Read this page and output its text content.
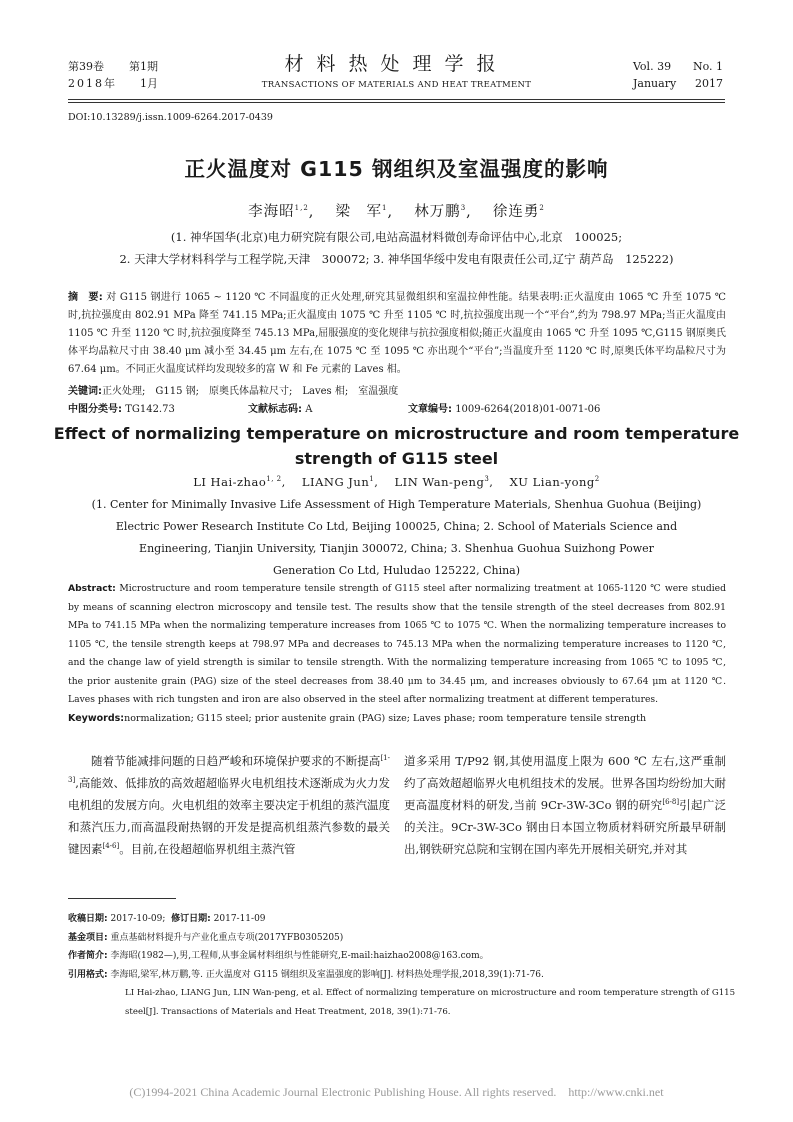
第39卷 第1期
2018年 1月
材料热处理学报
TRANSACTIONS OF MATERIALS AND HEAT TREATMENT
Vol. 39 No. 1
January 2017
DOI:10.13289/j.issn.1009-6264.2017-0439
正火温度对 G115 钢组织及室温强度的影响
李海昭$^{1,2}$,　 梁　军$^1$,　 林万鹏$^3$,　 徐连勇$^2$
(1. 神华国华(北京)电力研究院有限公司,电站高温材料微创寿命评估中心,北京　100025;
2. 天津大学材料科学与工程学院,天津　300072; 3. 神华国华绥中发电有限责任公司,辽宁 葫芦岛　125222)
摘　要: 对 G115 钢进行 1065 ~ 1120 ℃ 不同温度的正火处理,研究其显微组织和室温拉伸性能。结果表明:正火温度由 1065 ℃ 升至 1075 ℃ 时,抗拉强度由 802.91 MPa 降至 741.15 MPa;正火温度由 1075 ℃ 升至 1105 ℃ 时,抗拉强度出现一个“平台”,约为 798.97 MPa;当正火温度由 1105 ℃ 升至 1120 ℃ 时,抗拉强度降至 745.13 MPa,屈服强度的变化规律与抗拉强度相似;随正火温度由 1065 ℃ 升至 1095 ℃,G115 钢原奥氏体平均晶粒尺寸由 38.40 μm 减小至 34.45 μm 左右,在 1075 ℃ 至 1095 ℃ 亦出现个“平台”;当温度升至 1120 ℃ 时,原奥氏体平均晶粒尺寸为 67.64 μm。不同正火温度试样均发现较多的富 W 和 Fe 元素的 Laves 相。
关键词:正火处理;　G115 钢;　原奥氏体晶粒尺寸;　Laves 相;　室温强度
中图分类号: TG142.73	文献标志码: A	文章编号: 1009-6264(2018)01-0071-06
Effect of normalizing temperature on microstructure and room temperature
strength of G115 steel
LI Hai-zhao$^{1, 2}$,　 LIANG Jun$^1$,　 LIN Wan-peng$^3$,　 XU Lian-yong$^2$
(1. Center for Minimally Invasive Life Assessment of High Temperature Materials, Shenhua Guohua (Beijing)
Electric Power Research Institute Co Ltd, Beijing 100025, China; 2. School of Materials Science and
Engineering, Tianjin University, Tianjin 300072, China; 3. Shenhua Guohua Suizhong Power
Generation Co Ltd, Huludao 125222, China)
Abstract: Microstructure and room temperature tensile strength of G115 steel after normalizing treatment at 1065-1120 ℃ were studied by means of scanning electron microscopy and tensile test. The results show that the tensile strength of the steel decreases from 802.91 MPa to 741.15 MPa when the normalizing temperature increases from 1065 ℃ to 1075 ℃. When the normalizing temperature increases to 1105 ℃, the tensile strength keeps at 798.97 MPa and decreases to 745.13 MPa when the normalizing temperature increases to 1120 ℃, and the change law of yield strength is similar to tensile strength. With the normalizing temperature increasing from 1065 ℃ to 1095 ℃, the prior austenite grain (PAG) size of the steel decreases from 38.40 μm to 34.45 μm, and increases obviously to 67.64 μm at 1120 ℃. Laves phases with rich tungsten and iron are also observed in the steel after normalizing treatment at different temperatures.
Keywords:normalization; G115 steel; prior austenite grain (PAG) size; Laves phase; room temperature tensile strength
随着节能减排问题的日趋严峻和环境保护要求的不断提高[1-3],高能效、低排放的高效超超临界火电机组技术逐渐成为火力发电机组的发展方向。火电机组的效率主要决定于机组的蒸汽温度和蒸汽压力,而高温段耐热钢的开发是提高机组蒸汽参数的最关键因素[4-6]。目前,在役超超临界机组主蒸汽管
道多采用 T/P92 钢,其使用温度上限为 600 ℃ 左右,这严重制约了高效超超临界火电机组技术的发展。世界各国均纷纷加大耐更高温度材料的研发,当前 9Cr-3W-3Co 钢的研究[6-8]引起广泛的关注。9Cr-3W-3Co 钢由日本国立物质材料研究所最早研制出,钢铁研究总院和宝钢在国内率先开展相关研究,并对其
收稿日期:
2017-10-09;
修订日期:
2017-11-09
基金项目:
重点基础材料提升与产业化重点专项(2017YFB0305205)
作者简介:
李海昭(1982—),男,工程师,从事金属材料组织与性能研究,E-mail:haizhao2008@163.com。
引用格式:
李海昭,梁军,林万鹏,等. 正火温度对 G115 钢组织及室温强度的影响[J]. 材料热处理学报,2018,39(1):71-76.
LI Hai-zhao, LIANG Jun, LIN Wan-peng, et al. Effect of normalizing temperature on microstructure and room temperature strength of G115
steel[J]. Transactions of Materials and Heat Treatment, 2018, 39(1):71-76.
(C)1994-2021 China Academic Journal Electronic Publishing House. All rights reserved.    http://www.cnki.net
